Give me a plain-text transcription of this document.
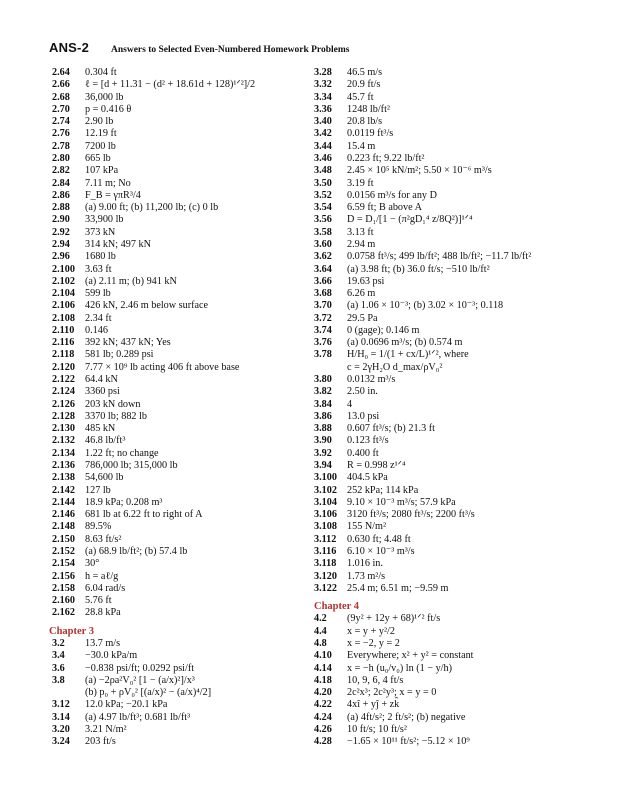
ANS-2 Answers to Selected Even-Numbered Homework Problems
2.64	0.304 ft
2.66	ℓ = [d + 11.31 − (d² + 18.61d + 128)¹ᐟ²]/2
2.68	36,000 lb
2.70	p = 0.416 θ
2.74	2.90 lb
2.76	12.19 ft
2.78	7200 lb
2.80	665 lb
2.82	107 kPa
2.84	7.11 m; No
2.86	F_B = γπR³/4
2.88	(a) 9.00 ft; (b) 11,200 lb; (c) 0 lb
2.90	33,900 lb
2.92	373 kN
2.94	314 kN; 497 kN
2.96	1680 lb
2.100 3.63 ft
2.102 (a) 2.11 m; (b) 941 kN
2.104 599 lb
2.106 426 kN, 2.46 m below surface
2.108 2.34 ft
2.110	0.146
2.116	392 kN; 437 kN; Yes
2.118	581 lb; 0.289 psi
2.120 7.77 × 10⁹ lb acting 406 ft above base
2.122 64.4 kN
2.124 3360 psi
2.126 203 kN down
2.128 3370 lb; 882 lb
2.130 485 kN
2.132 46.8 lb/ft³
2.134 1.22 ft; no change
2.136 786,000 lb; 315,000 lb
2.138 54,600 lb
2.142 127 lb
2.144 18.9 kPa; 0.208 m³
2.146 681 lb at 6.22 ft to right of A
2.148 89.5%
2.150 8.63 ft/s²
2.152 (a) 68.9 lb/ft²; (b) 57.4 lb
2.154 30°
2.156 h = aℓ/g
2.158 6.04 rad/s
2.160 5.76 ft
2.162 28.8 kPa
Chapter 3
3.2	13.7 m/s
3.4	−30.0 kPa/m
3.6	−0.838 psi/ft; 0.0292 psi/ft
3.8	(a) −2ρa²V₀² [1 − (a/x)²]/x³
(b) p₀ + ρV₀² [(a/x)² − (a/x)⁴/2]
3.12	12.0 kPa; −20.1 kPa
3.14	(a) 4.97 lb/ft³; 0.681 lb/ft³
3.20	3.21 N/m²
3.24	203 ft/s
3.28	46.5 m/s
3.32	20.9 ft/s
3.34	45.7 ft
3.36	1248 lb/ft²
3.40	20.8 lb/s
3.42	0.0119 ft³/s
3.44	15.4 m
3.46	0.223 ft; 9.22 lb/ft²
3.48	2.45 × 10⁵ kN/m²; 5.50 × 10⁻⁶ m³/s
3.50	3.19 ft
3.52	0.0156 m³/s for any D
3.54	6.59 ft; B above A
3.56	D = D₁/[1 − (π²gD₁⁴ z/8Q²)]¹ᐟ⁴
3.58	3.13 ft
3.60	2.94 m
3.62	0.0758 ft³/s; 499 lb/ft²; 488 lb/ft²; −11.7 lb/ft²
3.64	(a) 3.98 ft; (b) 36.0 ft/s; −510 lb/ft²
3.66	19.63 psi
3.68	6.26 m
3.70	(a) 1.06 × 10⁻³; (b) 3.02 × 10⁻³; 0.118
3.72	29.5 Pa
3.74	0 (gage); 0.146 m
3.76	(a) 0.0696 m³/s; (b) 0.574 m
3.78	H/H₀ = 1/(1 + cx/L)¹ᐟ², where
c = 2γH₂O d_max/ρV₀²
3.80	0.0132 m³/s
3.82	2.50 in.
3.84	4
3.86	13.0 psi
3.88	0.607 ft³/s; (b) 21.3 ft
3.90	0.123 ft³/s
3.92	0.400 ft
3.94	R = 0.998 z¹ᐟ⁴
3.100 404.5 kPa
3.102 252 kPa; 114 kPa
3.104 9.10 × 10⁻³ m³/s; 57.9 kPa
3.106 3120 ft³/s; 2080 ft³/s; 2200 ft³/s
3.108 155 N/m²
3.112	0.630 ft; 4.48 ft
3.116	6.10 × 10⁻³ m³/s
3.118	1.016 in.
3.120 1.73 m²/s
3.122 25.4 m; 6.51 m; −9.59 m
Chapter 4
4.2	(9y² + 12y + 68)¹ᐟ² ft/s
4.4	x = y + y²/2
4.8	x = −2, y = 2
4.10	Everywhere; x² + y² = constant
4.14	x = −h (u₀/v₀) ln (1 − y/h)
4.18	10, 9, 6, 4 ft/s
4.20	2c²x³; 2c²y³; x = y = 0
4.22	4xî + yĵ + zk̂
4.24	(a) 4ft/s²; 2 ft/s²; (b) negative
4.26	10 ft/s; 10 ft/s²
4.28	−1.65 × 10¹¹ ft/s²; −5.12 × 10⁹
